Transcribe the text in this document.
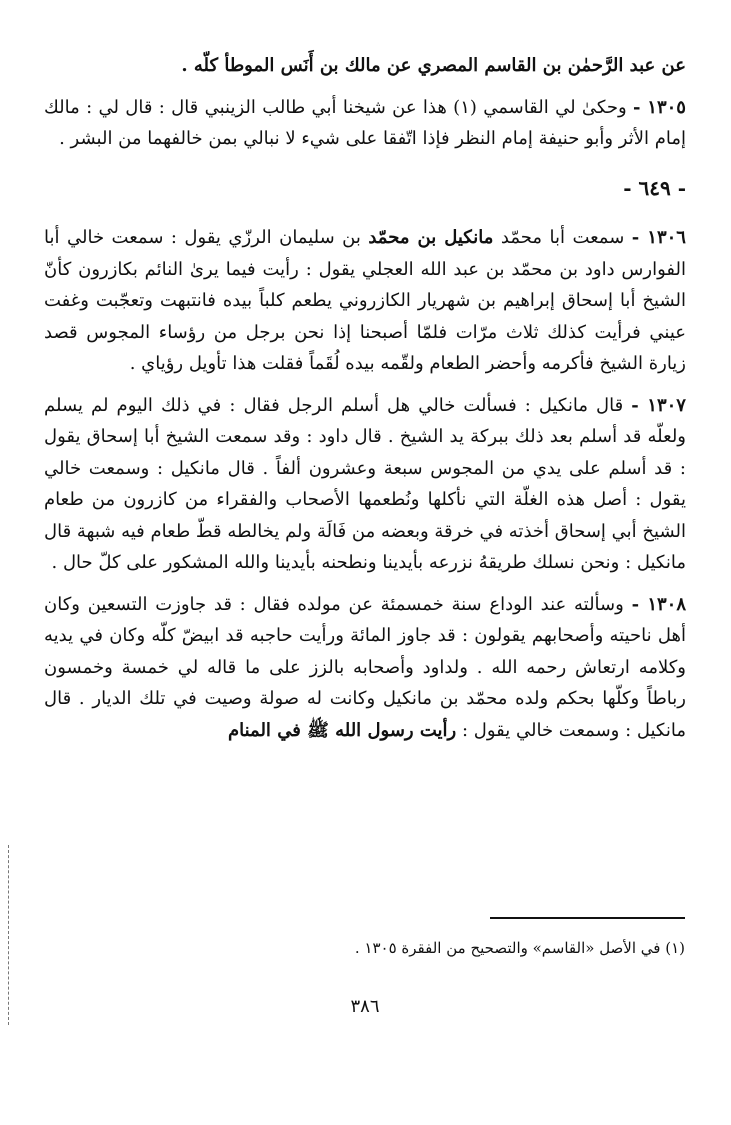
عن عبد الرَّحمٰن بن القاسم المصري عن مالك بن أَنَس الموطأ كلّه .

١٣٠٥ - وحكىٰ لي القاسمي (١) هذا عن شيخنا أبي طالب الزينبي قال : قال لي : مالك إمام الأثر وأبو حنيفة إمام النظر فإذا اتّفقا على شيء لا نبالي بمن خالفهما من البشر .

- ٦٤٩ -

١٣٠٦ - سمعت أبا محمّد مانكيل بن محمّد بن سليمان الرزّي يقول : سمعت خالي أبا الفوارس داود بن محمّد بن عبد الله العجلي يقول : رأيت فيما يرىٰ النائم بكازرون كأنّ الشيخ أبا إسحاق إبراهيم بن شهريار الكازروني يطعم كلباً بيده فانتبهت وتعجّبت وغفت عيني فرأيت كذلك ثلاث مرّات فلمّا أصبحنا إذا نحن برجل من رؤساء المجوس قصد زيارة الشيخ فأكرمه وأحضر الطعام ولقّمه بيده لُقَماً فقلت هذا تأويل رؤياي .

١٣٠٧ - قال مانكيل : فسألت خالي هل أسلم الرجل فقال : في ذلك اليوم لم يسلم ولعلّه قد أسلم بعد ذلك ببركة يد الشيخ . قال داود : وقد سمعت الشيخ أبا إسحاق يقول : قد أسلم على يدي من المجوس سبعة وعشرون ألفاً . قال مانكيل : وسمعت خالي يقول : أصل هذه الغلّة التي نأكلها ونُطعمها الأصحاب والفقراء من كازرون من طعام الشيخ أبي إسحاق أخذته في خرقة وبعضه من فَالَة ولم يخالطه قطّ طعام فيه شبهة قال مانكيل : ونحن نسلك طريقهُ نزرعه بأيدينا ونطحنه بأيدينا والله المشكور على كلّ حال .

١٣٠٨ - وسألته عند الوداع سنة خمسمئة عن مولده فقال : قد جاوزت التسعين وكان أهل ناحيته وأصحابهم يقولون : قد جاوز المائة ورأيت حاجبه قد ابيضّ كلّه وكان في يديه وكلامه ارتعاش رحمه الله . ولداود وأصحابه بالزز على ما قاله لي خمسة وخمسون رباطاً وكلّها بحكم ولده محمّد بن مانكيل وكانت له صولة وصيت في تلك الديار . قال مانكيل : وسمعت خالي يقول : رأيت رسول الله ﷺ في المنام

(١) في الأصل «القاسم» والتصحيح من الفقرة ١٣٠٥ .
٣٨٦
